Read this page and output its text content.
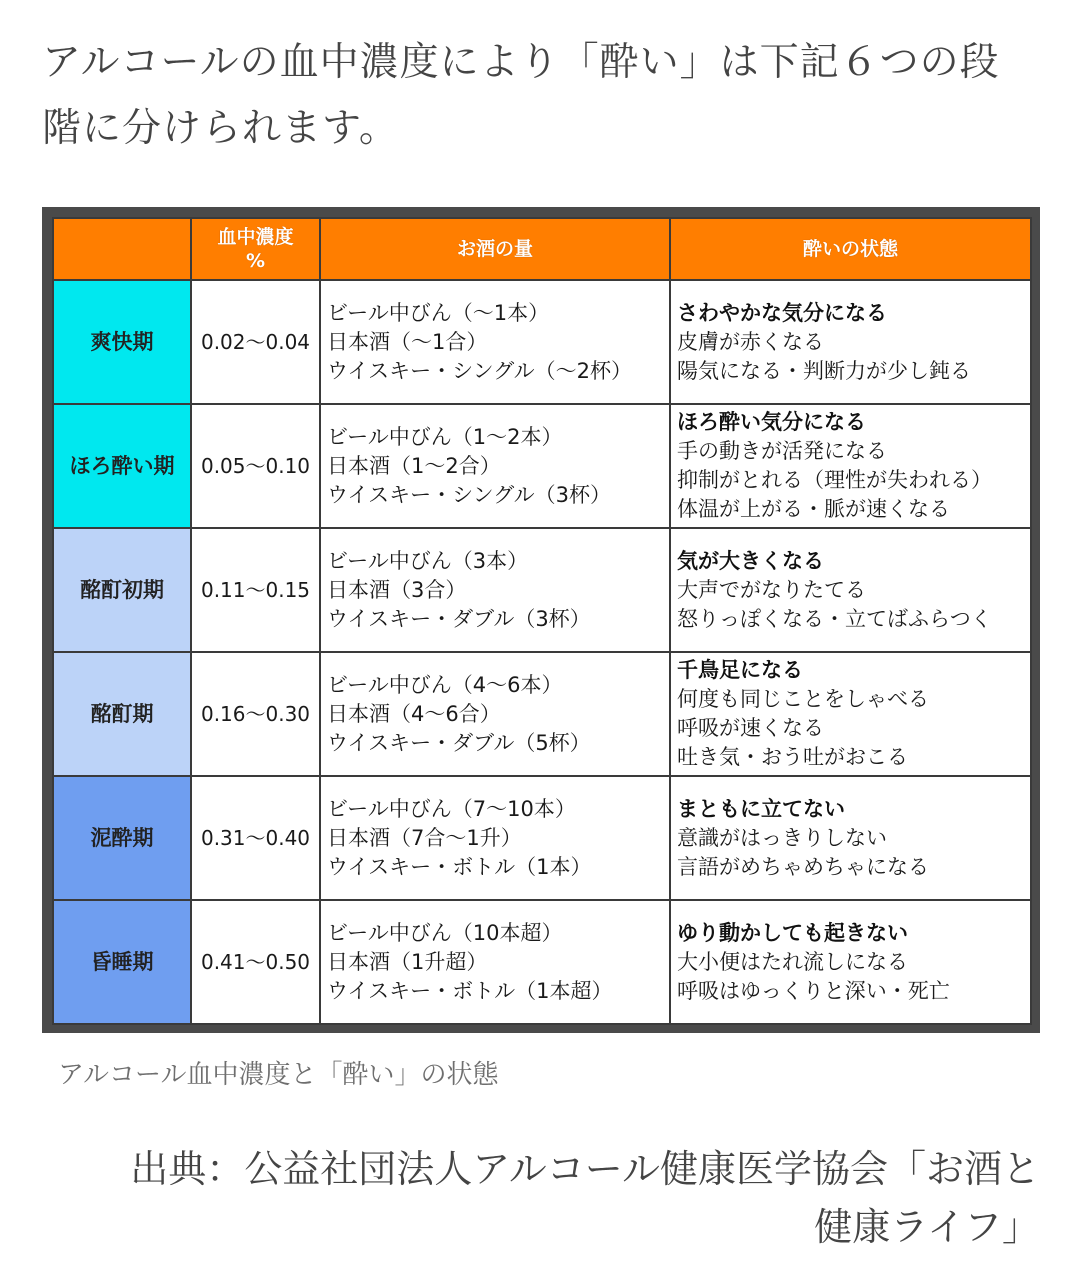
アルコールの血中濃度により「酔い」は下記６つの段
階に分けられます。

	血中濃度
%	お酒の量	酔いの状態
爽快期	0.02〜0.04	ビール中びん（〜1本）
日本酒（〜1合）
ウイスキー・シングル（〜2杯）	さわやかな気分になる
皮膚が赤くなる
陽気になる・判断力が少し鈍る

ほろ酔い期	0.05〜0.10	ビール中びん（1〜2本）
日本酒（1〜2合）
ウイスキー・シングル（3杯）	ほろ酔い気分になる
手の動きが活発になる
抑制がとれる（理性が失われる）
体温が上がる・脈が速くなる

酩酊初期	0.11〜0.15	ビール中びん（3本）
日本酒（3合）
ウイスキー・ダブル（3杯）	気が大きくなる
大声でがなりたてる
怒りっぽくなる・立てばふらつく

酩酊期	0.16〜0.30	ビール中びん（4〜6本）
日本酒（4〜6合）
ウイスキー・ダブル（5杯）	千鳥足になる
何度も同じことをしゃべる
呼吸が速くなる
吐き気・おう吐がおこる

泥酔期	0.31〜0.40	ビール中びん（7〜10本）
日本酒（7合〜1升）
ウイスキー・ボトル（1本）	まともに立てない
意識がはっきりしない
言語がめちゃめちゃになる

昏睡期	0.41〜0.50	ビール中びん（10本超）
日本酒（1升超）
ウイスキー・ボトル（1本超）	ゆり動かしても起きない
大小便はたれ流しになる
呼吸はゆっくりと深い・死亡
アルコール血中濃度と「酔い」の状態
出典：公益社団法人アルコール健康医学協会「お酒と
健康ライフ」
